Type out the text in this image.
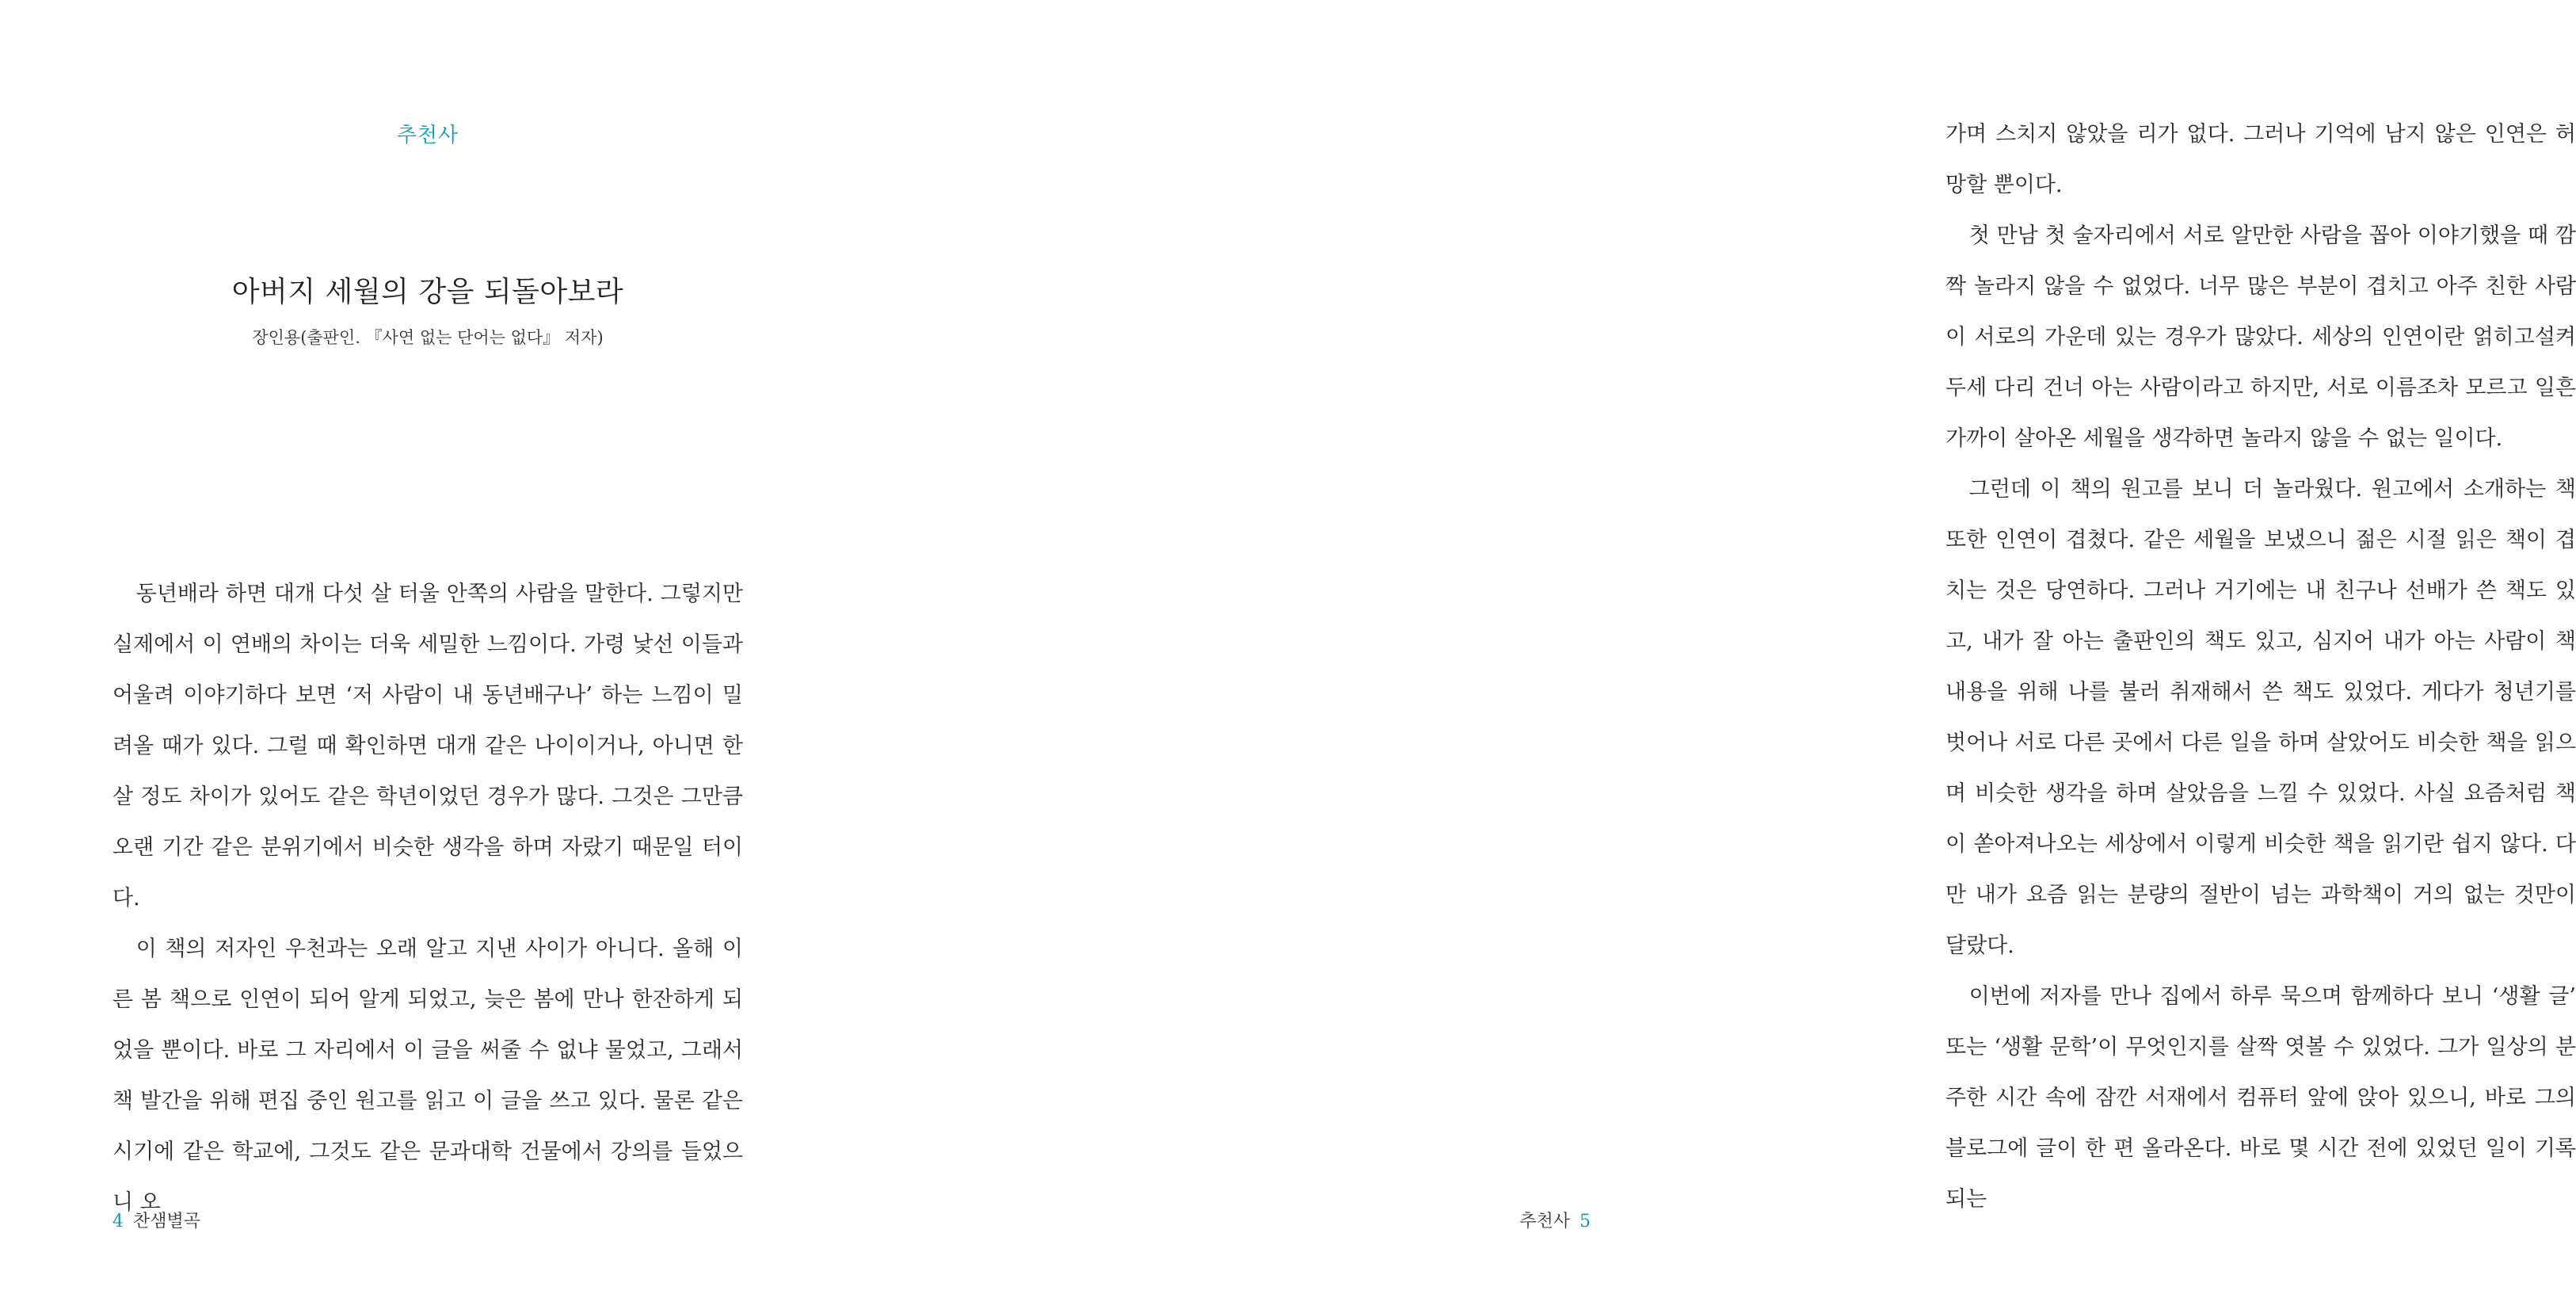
추천사
아버지 세월의 강을 되돌아보라
장인용(출판인. 『사연 없는 단어는 없다』 저자)

동년배라 하면 대개 다섯 살 터울 안쪽의 사람을 말한다. 그렇지만 실제에서 이 연배의 차이는 더욱 세밀한 느낌이다. 가령 낯선 이들과 어울려 이야기하다 보면 ‘저 사람이 내 동년배구나’ 하는 느낌이 밀려올 때가 있다. 그럴 때 확인하면 대개 같은 나이이거나, 아니면 한 살 정도 차이가 있어도 같은 학년이었던 경우가 많다. 그것은 그만큼 오랜 기간 같은 분위기에서 비슷한 생각을 하며 자랐기 때문일 터이다.

이 책의 저자인 우천과는 오래 알고 지낸 사이가 아니다. 올해 이른 봄 책으로 인연이 되어 알게 되었고, 늦은 봄에 만나 한잔하게 되었을 뿐이다. 바로 그 자리에서 이 글을 써줄 수 없냐 물었고, 그래서 책 발간을 위해 편집 중인 원고를 읽고 이 글을 쓰고 있다. 물론 같은 시기에 같은 학교에, 그것도 같은 문과대학 건물에서 강의를 들었으니 오

4 찬샘별곡

가며 스치지 않았을 리가 없다. 그러나 기억에 남지 않은 인연은 허망할 뿐이다.

첫 만남 첫 술자리에서 서로 알만한 사람을 꼽아 이야기했을 때 깜짝 놀라지 않을 수 없었다. 너무 많은 부분이 겹치고 아주 친한 사람이 서로의 가운데 있는 경우가 많았다. 세상의 인연이란 얽히고설켜 두세 다리 건너 아는 사람이라고 하지만, 서로 이름조차 모르고 일흔 가까이 살아온 세월을 생각하면 놀라지 않을 수 없는 일이다.

그런데 이 책의 원고를 보니 더 놀라웠다. 원고에서 소개하는 책 또한 인연이 겹쳤다. 같은 세월을 보냈으니 젊은 시절 읽은 책이 겹치는 것은 당연하다. 그러나 거기에는 내 친구나 선배가 쓴 책도 있고, 내가 잘 아는 출판인의 책도 있고, 심지어 내가 아는 사람이 책 내용을 위해 나를 불러 취재해서 쓴 책도 있었다. 게다가 청년기를 벗어나 서로 다른 곳에서 다른 일을 하며 살았어도 비슷한 책을 읽으며 비슷한 생각을 하며 살았음을 느낄 수 있었다. 사실 요즘처럼 책이 쏟아져나오는 세상에서 이렇게 비슷한 책을 읽기란 쉽지 않다. 다만 내가 요즘 읽는 분량의 절반이 넘는 과학책이 거의 없는 것만이 달랐다.

이번에 저자를 만나 집에서 하루 묵으며 함께하다 보니 ‘생활 글’ 또는 ‘생활 문학’이 무엇인지를 살짝 엿볼 수 있었다. 그가 일상의 분주한 시간 속에 잠깐 서재에서 컴퓨터 앞에 앉아 있으니, 바로 그의 블로그에 글이 한 편 올라온다. 바로 몇 시간 전에 있었던 일이 기록되는

추천사 5
